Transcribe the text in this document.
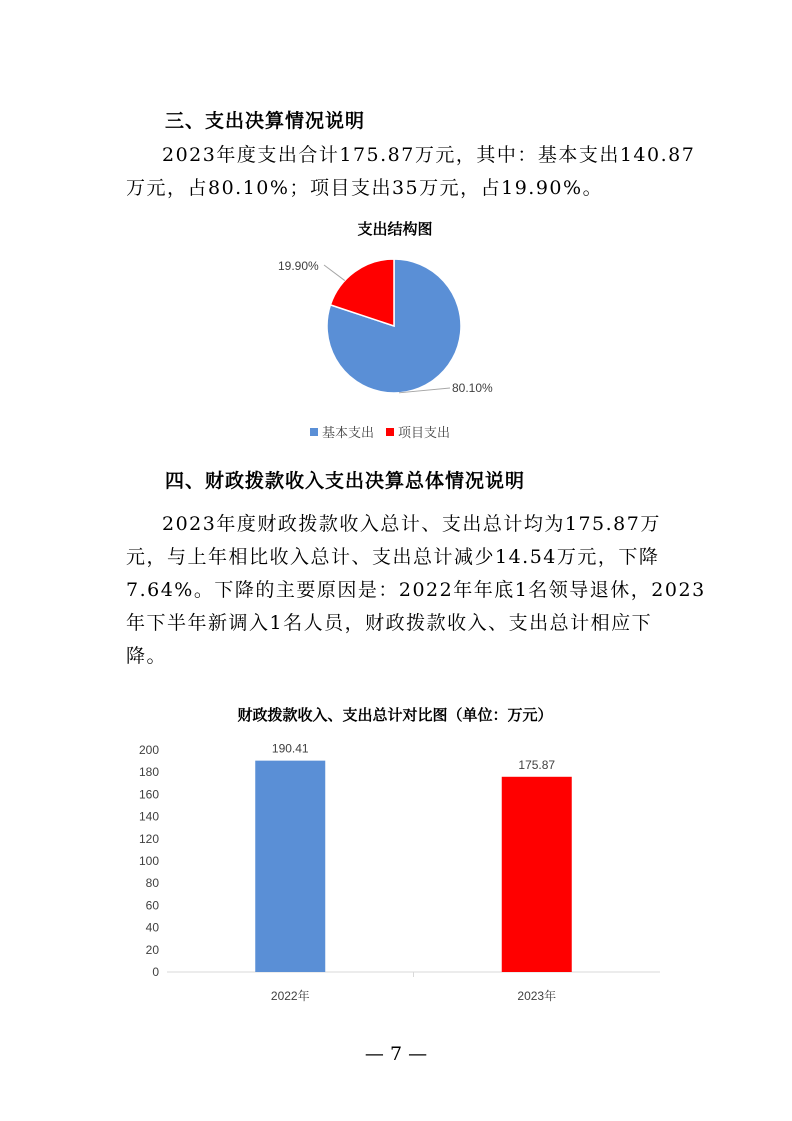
三、支出决算情况说明
2023年度支出合计175.87万元，其中：基本支出140.87
万元，占80.10%；项目支出35万元，占19.90%。
支出结构图
80.10%
19.90%
基本支出 项目支出
四、财政拨款收入支出决算总体情况说明
2023年度财政拨款收入总计、支出总计均为175.87万
元，与上年相比收入总计、支出总计减少14.54万元，下降
7.64%。下降的主要原因是：2022年年底1名领导退休，2023
年下半年新调入1名人员，财政拨款收入、支出总计相应下
降。
财政拨款收入、支出总计对比图（单位：万元）
0
20
40
60
80
100
120
140
160
180
200	190.41
2022年
175.87
2023年
— 7 —
